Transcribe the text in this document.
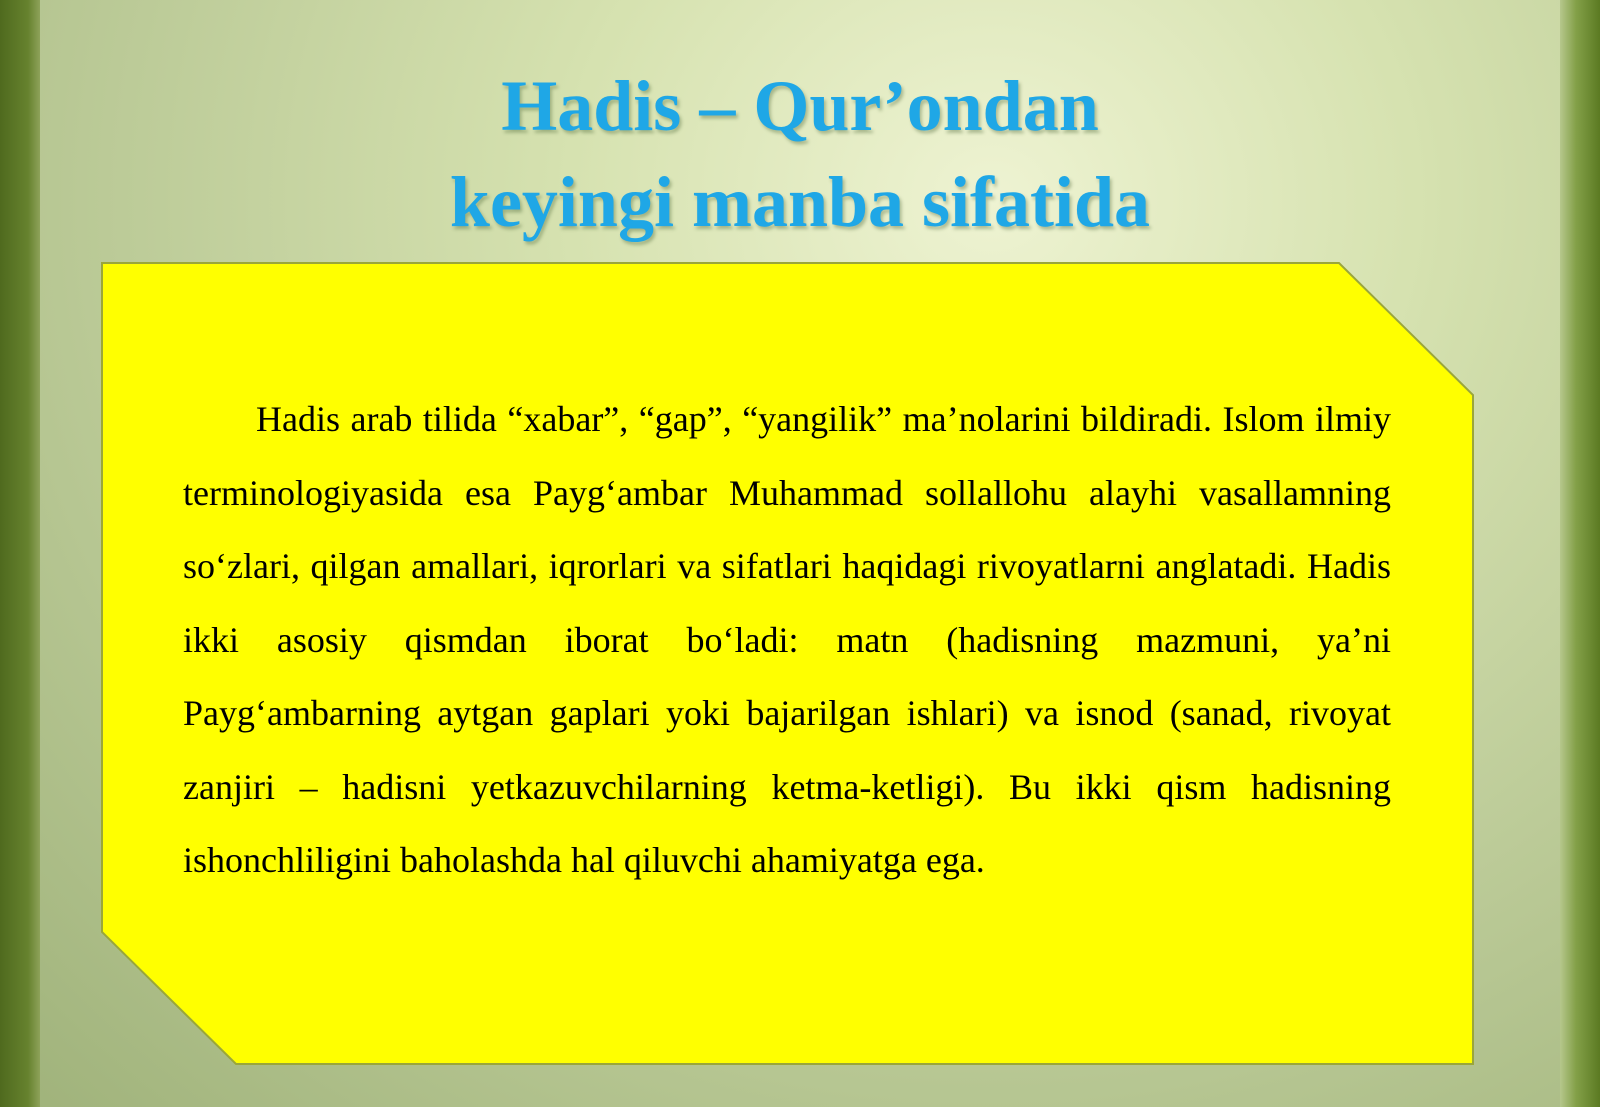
Hadis – Qur’ondan
keyingi manba sifatida

Hadis arab tilida “xabar”, “gap”, “yangilik” ma’nolarini bildiradi. Islom ilmiy terminologiyasida esa Payg‘ambar Muhammad sollallohu alayhi vasallamning so‘zlari, qilgan amallari, iqrorlari va sifatlari haqidagi rivoyatlarni anglatadi. Hadis ikki asosiy qismdan iborat bo‘ladi: matn (hadisning mazmuni, ya’ni Payg‘ambarning aytgan gaplari yoki bajarilgan ishlari) va isnod (sanad, rivoyat zanjiri – hadisni yetkazuvchilarning ketma-ketligi). Bu ikki qism hadisning ishonchliligini baholashda hal qiluvchi ahamiyatga ega.
